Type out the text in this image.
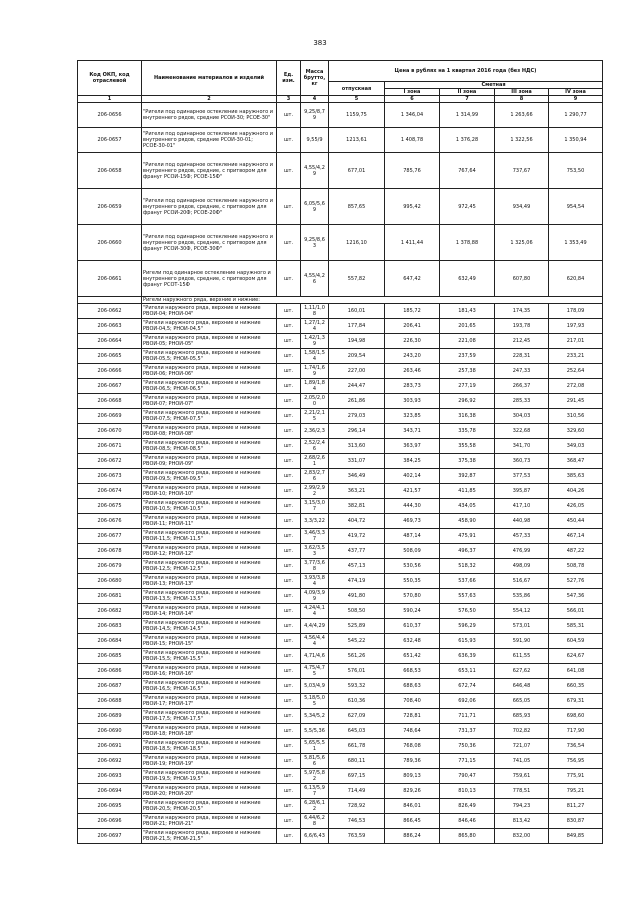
383
Код ОКП, код отраслевой	Наименование материалов и изделий	Ед. изм.	Масса брутто, кг	Цена в рублях на 1 квартал 2016 года (без НДС)				
				отпускная	Сметная			
					I зона	II зона	III зона	IV зона
1	2	3	4	5	6	7	8	9
206-0656	"Ригели под одинарное остекление наружного и внутреннего рядов, средние РСОИ-30; РСОЕ-30"	шт.	9,25/8,7 9	1159,75	1 346,04	1 314,99	1 263,66	1 290,77
206-0657	"Ригели под одинарное остекление наружного и внутреннего рядов, средние РСОИ-30-01; РСОЕ-30-01"	шт.	9,55/9	1213,61	1 408,78	1 376,28	1 322,56	1 350,94
206-0658	"Ригели под одинарное остекление наружного и внутреннего рядов, средние, с притвором для франуг РСОИ-15Ф; РСОЕ-15Ф"	шт.	4,55/4,2 9	677,01	785,76	767,64	737,67	753,50
206-0659	"Ригели под одинарное остекление наружного и внутреннего рядов, средние, с притвором для франуг РСОИ-20Ф; РСОЕ-20Ф"	шт.	6,05/5,6 9	857,65	995,42	972,45	934,49	954,54
206-0660	"Ригели под одинарное остекление наружного и внутреннего рядов, средние, с притвором для франуг РСОИ-30Ф, РСОЕ-30Ф"	шт.	9,25/8,6 3	1216,10	1 411,44	1 378,88	1 325,06	1 353,49
206-0661	Ригели под одинарное остекление наружного и внутреннего рядов, средние, с притвором для франуг РСОТ-15Ф	шт.	4,55/4,2 6	557,82	647,42	632,49	607,80	620,84
	Ригели наружного ряда, верхние и нижние:							
206-0662	"Ригели наружного ряда, верхние и нижние РВОИ-04; РНОИ-04"	шт.	1,11/1,0 8	160,01	185,72	181,43	174,35	178,09
206-0663	"Ригели наружного ряда, верхние и нижние РВОИ-04,5; РНОИ-04,5"	шт.	1,27/1,2 4	177,84	206,41	201,65	193,78	197,93
206-0664	"Ригели наружного ряда, верхние и нижние РВОИ-05; РНОИ-05"	шт.	1,42/1,3 9	194,98	226,30	221,08	212,45	217,01
206-0665	"Ригели наружного ряда, верхние и нижние РВОИ-05,5; РНОИ-05,5"	шт.	1,58/1,5 4	209,54	243,20	237,59	228,31	233,21
206-0666	"Ригели наружного ряда, верхние и нижние РВОИ-06; РНОИ-06"	шт.	1,74/1,6 9	227,00	263,46	257,38	247,33	252,64
206-0667	"Ригели наружного ряда, верхние и нижние РВОИ-06,5; РНОИ-06,5"	шт.	1,89/1,8 4	244,47	283,73	277,19	266,37	272,08
206-0668	"Ригели наружного ряда, верхние и нижние РВОИ-07; РНОИ-07"	шт.	2,05/2,0 0	261,86	303,93	296,92	285,33	291,45
206-0669	"Ригели наружного ряда, верхние и нижние РВОИ-07,5; РНОИ-07,5"	шт.	2,21/2,1 5	279,03	323,85	316,38	304,03	310,56
206-0670	"Ригели наружного ряда, верхние и нижние РВОИ-08; РНОИ-08"	шт.	2,36/2,3	296,14	343,71	335,78	322,68	329,60
206-0671	"Ригели наружного ряда, верхние и нижние РВОИ-08,5; РНОИ-08,5"	шт.	2,52/2,4 6	313,60	363,97	355,58	341,70	349,03
206-0672	"Ригели наружного ряда, верхние и нижние РВОИ-09; РНОИ-09"	шт.	2,68/2,6 1	331,07	384,25	375,38	360,73	368,47
206-0673	"Ригели наружного ряда, верхние и нижние РВОИ-09,5; РНОИ-09,5"	шт.	2,83/2,7 6	346,49	402,14	392,87	377,53	385,63
206-0674	"Ригели наружного ряда, верхние и нижние РВОИ-10; РНОИ-10"	шт.	2,99/2,9 2	363,21	421,57	411,85	395,87	404,26
206-0675	"Ригели наружного ряда, верхние и нижние РВОИ-10,5; РНОИ-10,5"	шт.	3,15/3,0 7	382,81	444,30	434,05	417,10	426,05
206-0676	"Ригели наружного ряда, верхние и нижние РВОИ-11; РНОИ-11"	шт.	3,3/3,22	404,72	469,73	458,90	440,98	450,44
206-0677	"Ригели наружного ряда, верхние и нижние РВОИ-11,5; РНОИ-11,5"	шт.	3,46/3,3 7	419,72	487,14	475,91	457,33	467,14
206-0678	"Ригели наружного ряда, верхние и нижние РВОИ-12; РНОИ-12"	шт.	3,62/3,5 3	437,77	508,09	496,37	476,99	487,22
206-0679	"Ригели наружного ряда, верхние и нижние РВОИ-12,5; РНОИ-12,5"	шт.	3,77/3,6 8	457,13	530,56	518,32	498,09	508,78
206-0680	"Ригели наружного ряда, верхние и нижние РВОИ-13; РНОИ-13"	шт.	3,93/3,8 4	474,19	550,35	537,66	516,67	527,76
206-0681	"Ригели наружного ряда, верхние и нижние РВОИ-13,5; РНОИ-13,5"	шт.	4,09/3,9 9	491,80	570,80	557,63	535,86	547,36
206-0682	"Ригели наружного ряда, верхние и нижние РВОИ-14; РНОИ-14"	шт.	4,24/4,1 4	508,50	590,24	576,50	554,12	566,01
206-0683	"Ригели наружного ряда, верхние и нижние РВОИ-14,5; РНОИ-14,5"	шт.	4,4/4,29	525,89	610,37	596,29	573,01	585,31
206-0684	"Ригели наружного ряда, верхние и нижние РВОИ-15; РНОИ-15"	шт.	4,56/4,4 4	545,22	632,48	615,93	591,90	604,59
206-0685	"Ригели наружного ряда, верхние и нижние РВОИ-15,5; РНОИ-15,5"	шт.	4,71/4,6	561,26	651,42	636,39	611,55	624,67
206-0686	"Ригели наружного ряда, верхние и нижние РВОИ-16; РНОИ-16"	шт.	4,75/4,7 5	576,01	668,53	653,11	627,62	641,08
206-0687	"Ригели наружного ряда, верхние и нижние РВОИ-16,5; РНОИ-16,5"	шт.	5,03/4,9	593,32	688,63	672,74	646,48	660,35
206-0688	"Ригели наружного ряда, верхние и нижние РВОИ-17; РНОИ-17"	шт.	5,18/5,0 5	610,36	708,40	692,06	665,05	679,31
206-0689	"Ригели наружного ряда, верхние и нижние РВОИ-17,5; РНОИ-17,5"	шт.	5,34/5,2	627,09	728,81	711,71	685,93	698,60
206-0690	"Ригели наружного ряда, верхние и нижние РВОИ-18; РНОИ-18"	шт.	5,5/5,36	645,03	748,64	731,37	702,82	717,90
206-0691	"Ригели наружного ряда, верхние и нижние РВОИ-18,5; РНОИ-18,5"	шт.	5,65/5,5 1	661,78	768,08	750,36	721,07	736,54
206-0692	"Ригели наружного ряда, верхние и нижние РВОИ-19; РНОИ-19"	шт.	5,81/5,6 6	680,11	789,36	771,15	741,05	756,95
206-0693	"Ригели наружного ряда, верхние и нижние РВОИ-19,5; РНОИ-19,5"	шт.	5,97/5,8 2	697,15	809,13	790,47	759,61	775,91
206-0694	"Ригели наружного ряда, верхние и нижние РВОИ-20; РНОИ-20"	шт.	6,13/5,9 7	714,49	829,26	810,13	778,51	795,21
206-0695	"Ригели наружного ряда, верхние и нижние РВОИ-20,5; РНОИ-20,5"	шт.	6,28/6,1 2	728,92	846,01	826,49	794,23	811,27
206-0696	"Ригели наружного ряда, верхние и нижние РВОИ-21; РНОИ-21"	шт.	6,44/6,2 8	746,53	866,45	846,46	813,42	830,87
206-0697	"Ригели наружного ряда, верхние и нижние РВОИ-21,5; РНОИ-21,5"	шт.	6,6/6,43	763,59	886,24	865,80	832,00	849,85
